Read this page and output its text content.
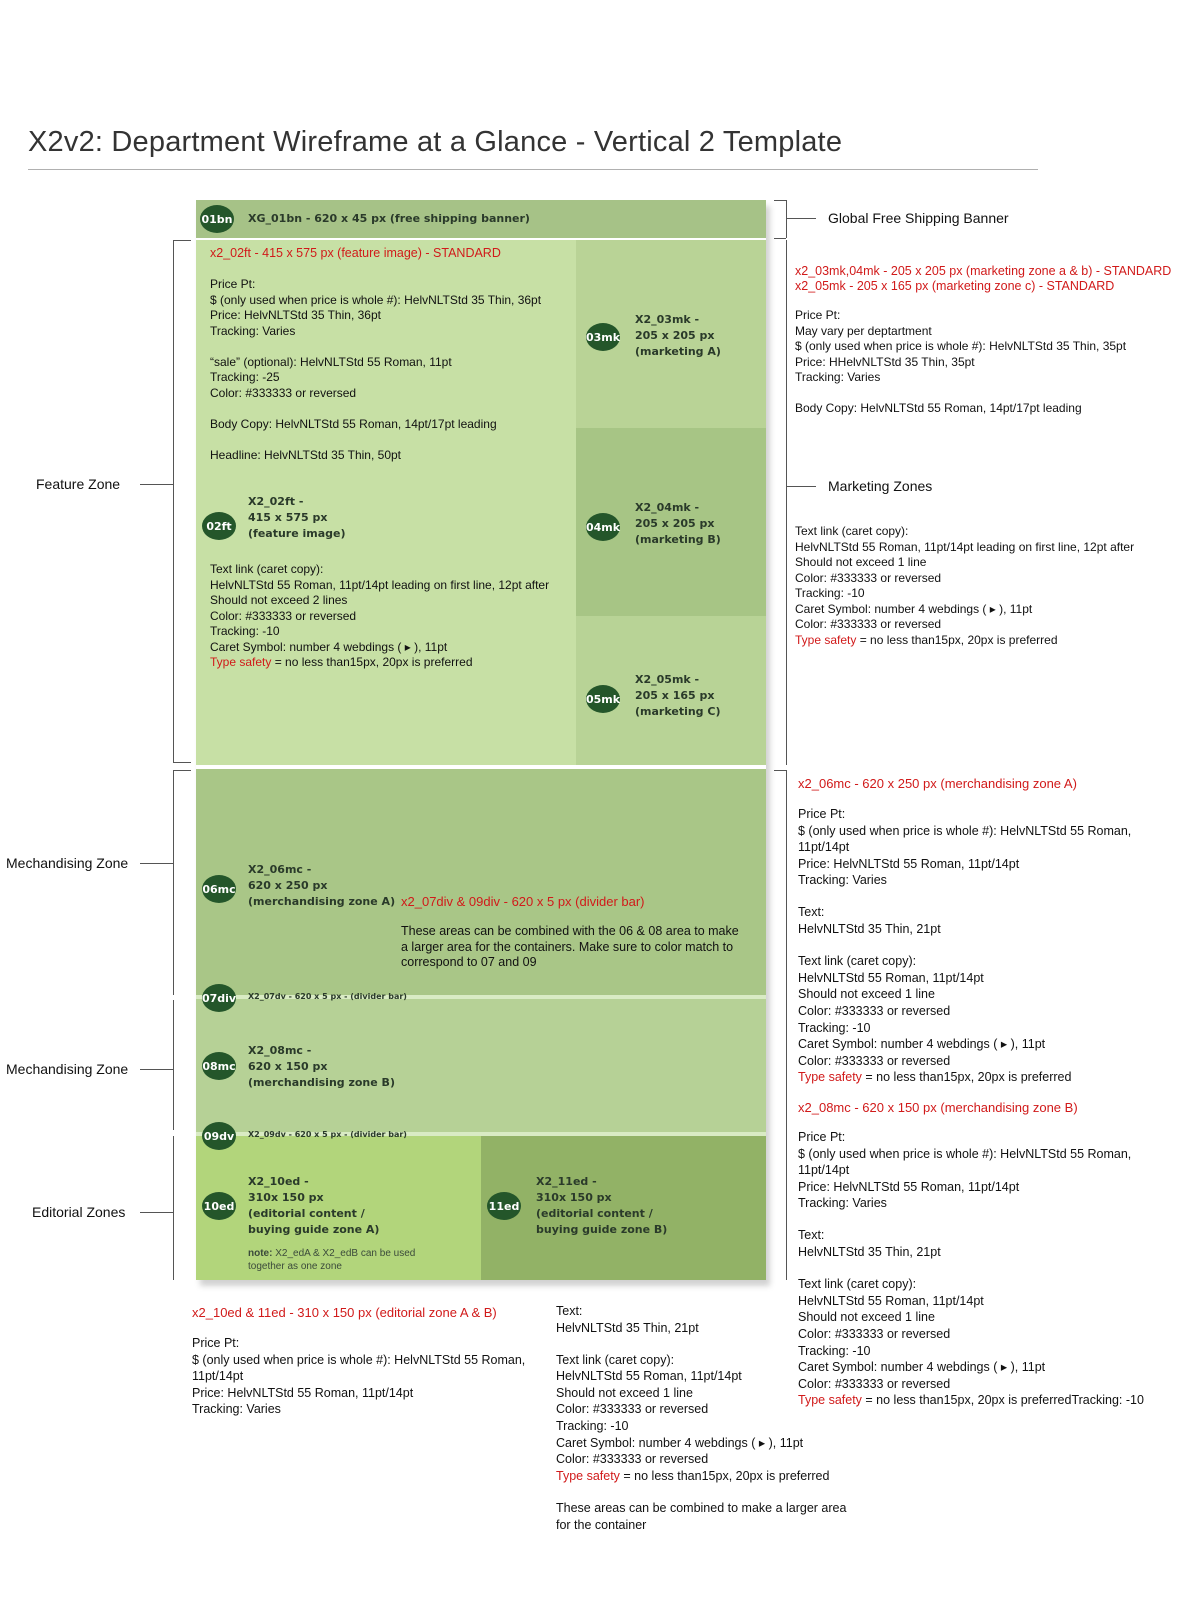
X2v2: Department Wireframe at a Glance - Vertical 2 Template
01bn XG_01bn - 620 x 45 px (free shipping banner)
x2_02ft - 415 x 575 px (feature image) - STANDARD
Price Pt:
$ (only used when price is whole #): HelvNLTStd 35 Thin, 36pt
Price: HelvNLTStd 35 Thin, 36pt
Tracking: Varies
“sale” (optional): HelvNLTStd 55 Roman, 11pt
Tracking: -25
Color: #333333 or reversed
Body Copy: HelvNLTStd 55 Roman, 14pt/17pt leading
Headline: HelvNLTStd 35 Thin, 50pt
02ft
X2_02ft -
415 x 575 px
(feature image)
Text link (caret copy):
HelvNLTStd 55 Roman, 11pt/14pt leading on first line, 12pt after
Should not exceed 2 lines
Color: #333333 or reversed
Tracking: -10
Caret Symbol: number 4 webdings ( ▸ ), 11pt
Type safety = no less than15px, 20px is preferred
03mk
X2_03mk -
205 x 205 px
(marketing A)
04mk
X2_04mk -
205 x 205 px
(marketing B)
05mk
X2_05mk -
205 x 165 px
(marketing C)
06mc
X2_06mc -
620 x 250 px
(merchandising zone A) x2_07div & 09div - 620 x 5 px (divider bar)
These areas can be combined with the 06 & 08 area to make
a larger area for the containers. Make sure to color match to
correspond to 07 and 09
07div X2_07dv - 620 x 5 px - (divider bar)
08mc
X2_08mc -
620 x 150 px
(merchandising zone B)
09dv X2_09dv - 620 x 5 px - (divider bar)
10ed
X2_10ed -
310x 150 px
(editorial content /
buying guide zone A)
note: X2_edA & X2_edB can be used
together as one zone
11ed
X2_11ed -
310x 150 px
(editorial content /
buying guide zone B)
Feature Zone
Mechandising Zone
Mechandising Zone
Editorial Zones
Global Free Shipping Banner
Marketing Zones
x2_03mk,04mk - 205 x 205 px (marketing zone a & b) - STANDARD
x2_05mk - 205 x 165 px (marketing zone c) - STANDARD
Price Pt:
May vary per deptartment
$ (only used when price is whole #): HelvNLTStd 35 Thin, 35pt
Price: HHelvNLTStd 35 Thin, 35pt
Tracking: Varies
Body Copy: HelvNLTStd 55 Roman, 14pt/17pt leading
Text link (caret copy):
HelvNLTStd 55 Roman, 11pt/14pt leading on first line, 12pt after
Should not exceed 1 line
Color: #333333 or reversed
Tracking: -10
Caret Symbol: number 4 webdings ( ▸ ), 11pt
Color: #333333 or reversed
Type safety = no less than15px, 20px is preferred
x2_06mc - 620 x 250 px (merchandising zone A)
Price Pt:
$ (only used when price is whole #): HelvNLTStd 55 Roman,
11pt/14pt
Price: HelvNLTStd 55 Roman, 11pt/14pt
Tracking: Varies
Text:
HelvNLTStd 35 Thin, 21pt
Text link (caret copy):
HelvNLTStd 55 Roman, 11pt/14pt
Should not exceed 1 line
Color: #333333 or reversed
Tracking: -10
Caret Symbol: number 4 webdings ( ▸ ), 11pt
Color: #333333 or reversed
Type safety = no less than15px, 20px is preferred
x2_08mc - 620 x 150 px (merchandising zone B)
Price Pt:
$ (only used when price is whole #): HelvNLTStd 55 Roman,
11pt/14pt
Price: HelvNLTStd 55 Roman, 11pt/14pt
Tracking: Varies
Text:
HelvNLTStd 35 Thin, 21pt
Text link (caret copy):
HelvNLTStd 55 Roman, 11pt/14pt
Should not exceed 1 line
Color: #333333 or reversed
Tracking: -10
Caret Symbol: number 4 webdings ( ▸ ), 11pt
Color: #333333 or reversed
Type safety = no less than15px, 20px is preferredTracking: -10
x2_10ed & 11ed - 310 x 150 px (editorial zone A & B)
Price Pt:
$ (only used when price is whole #): HelvNLTStd 55 Roman,
11pt/14pt
Price: HelvNLTStd 55 Roman, 11pt/14pt
Tracking: Varies
Text:
HelvNLTStd 35 Thin, 21pt
Text link (caret copy):
HelvNLTStd 55 Roman, 11pt/14pt
Should not exceed 1 line
Color: #333333 or reversed
Tracking: -10
Caret Symbol: number 4 webdings ( ▸ ), 11pt
Color: #333333 or reversed
Type safety = no less than15px, 20px is preferred
These areas can be combined to make a larger area
for the container
